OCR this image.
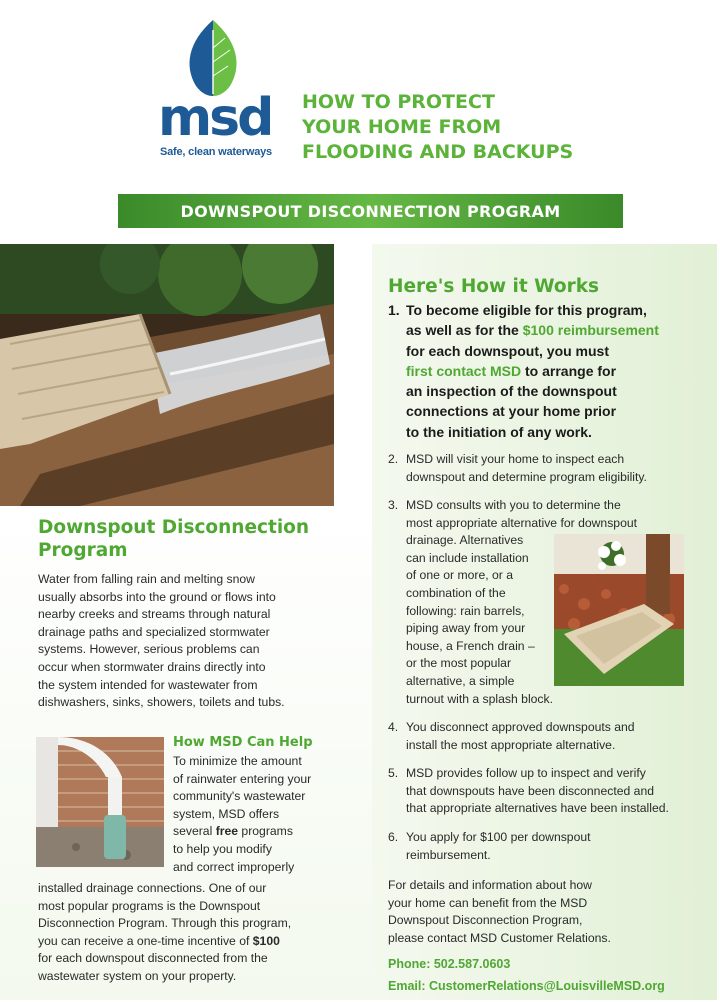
msd
Safe, clean waterways
HOW TO PROTECT
YOUR HOME FROM
FLOODING AND BACKUPS
DOWNSPOUT DISCONNECTION PROGRAM
Downspout Disconnection
Program
Water from falling rain and melting snow
usually absorbs into the ground or flows into
nearby creeks and streams through natural
drainage paths and specialized stormwater
systems. However, serious problems can
occur when stormwater drains directly into
the system intended for wastewater from
dishwashers, sinks, showers, toilets and tubs.
How MSD Can Help
To minimize the amount
of rainwater entering your
community's wastewater
system, MSD offers
several free programs
to help you modify
and correct improperly
installed drainage connections. One of our
most popular programs is the Downspout
Disconnection Program. Through this program,
you can receive a one-time incentive of $100
for each downspout disconnected from the
wastewater system on your property.
Here's How it Works
1. To become eligible for this program,
as well as for the $100 reimbursement
for each downspout, you must
first contact MSD to arrange for
an inspection of the downspout
connections at your home prior
to the initiation of any work.
2. MSD will visit your home to inspect each
downspout and determine program eligibility.
3. MSD consults with you to determine the
most appropriate alternative for downspout
drainage. Alternatives
can include installation
of one or more, or a
combination of the
following: rain barrels,
piping away from your
house, a French drain –
or the most popular
alternative, a simple
turnout with a splash block.
4. You disconnect approved downspouts and
install the most appropriate alternative.
5. MSD provides follow up to inspect and verify
that downspouts have been disconnected and
that appropriate alternatives have been installed.
6. You apply for $100 per downspout
reimbursement.
For details and information about how
your home can benefit from the MSD
Downspout Disconnection Program,
please contact MSD Customer Relations.
Phone: 502.587.0603
Email: CustomerRelations@LouisvilleMSD.org
